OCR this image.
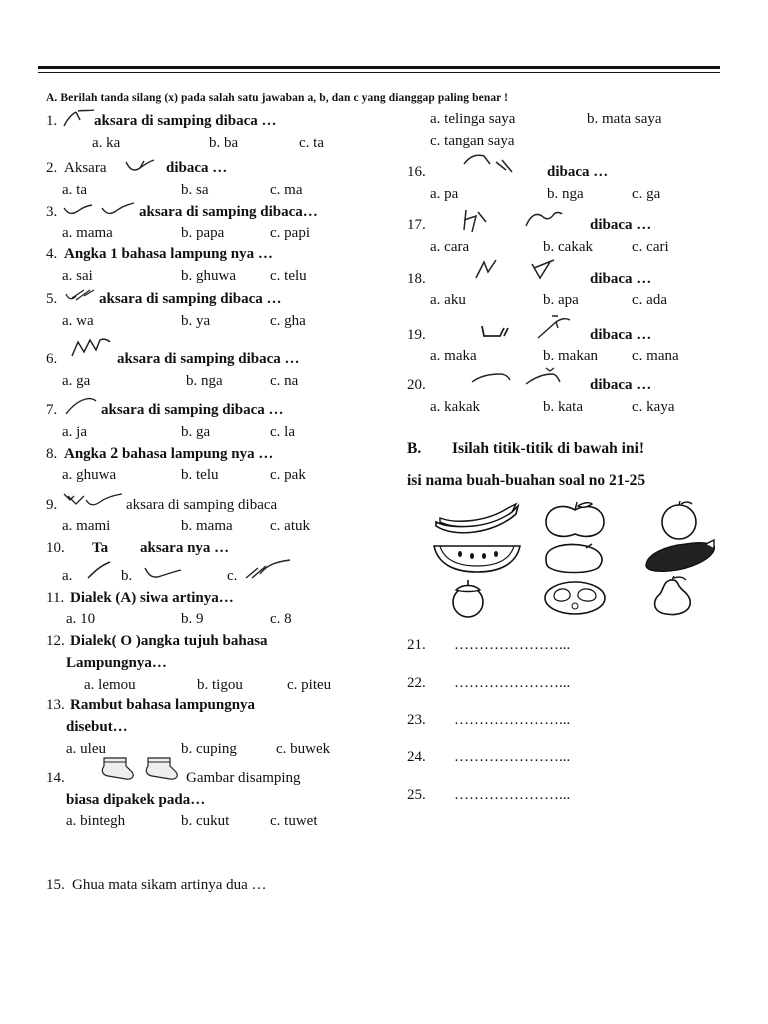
A. Berilah tanda silang (x) pada salah satu jawaban a, b, dan c yang dianggap paling benar !
1. aksara di samping dibaca …
a. ka	b. ba	c. ta
2. Aksara	dibaca …
a. ta	b. sa	c. ma
3.	aksara di samping dibaca…
a. mama	b. papa	c. papi
4. Angka 1 bahasa lampung nya …
a. sai	b. ghuwa c. telu
5.	aksara di samping dibaca …
a. wa	b. ya	c. gha
6.	aksara di samping dibaca …
a. ga	b. nga	c. na
7.	aksara di samping dibaca …
a. ja	b. ga	c. la
8. Angka 2 bahasa lampung nya …
a. ghuwa	b. telu	c. pak
9.	aksara di samping dibaca
a. mami	b. mama c. atuk
10. Ta aksara nya …
a.	b.	c.
11. Dialek (A) siwa artinya…
a. 10	b. 9	c. 8
12. Dialek( O )angka tujuh bahasa
Lampungnya…
a. lemou	b. tigou	c. piteu
13. Rambut bahasa lampungnya
disebut…
a. uleu	b. cuping	c. buwek
14.	Gambar disamping
biasa dipakek pada…
a. bintegh	b. cukut	c. tuwet
15. Ghua mata sikam artinya dua …
a. telinga saya	b. mata saya
c. tangan saya
16.	dibaca …
a. pa	b. nga	c. ga
17.	dibaca …
a. cara	b. cakak	c. cari
18.	dibaca …
a. aku	b. apa	c. ada
19.	dibaca …
a. maka	b. makan c. mana
20.	dibaca …
a. kakak	b. kata	c. kaya
B. Isilah titik-titik di bawah ini!
isi nama buah-buahan soal no 21-25
21. …………………...
22. …………………...
23. …………………...
24. …………………...
25. …………………...
